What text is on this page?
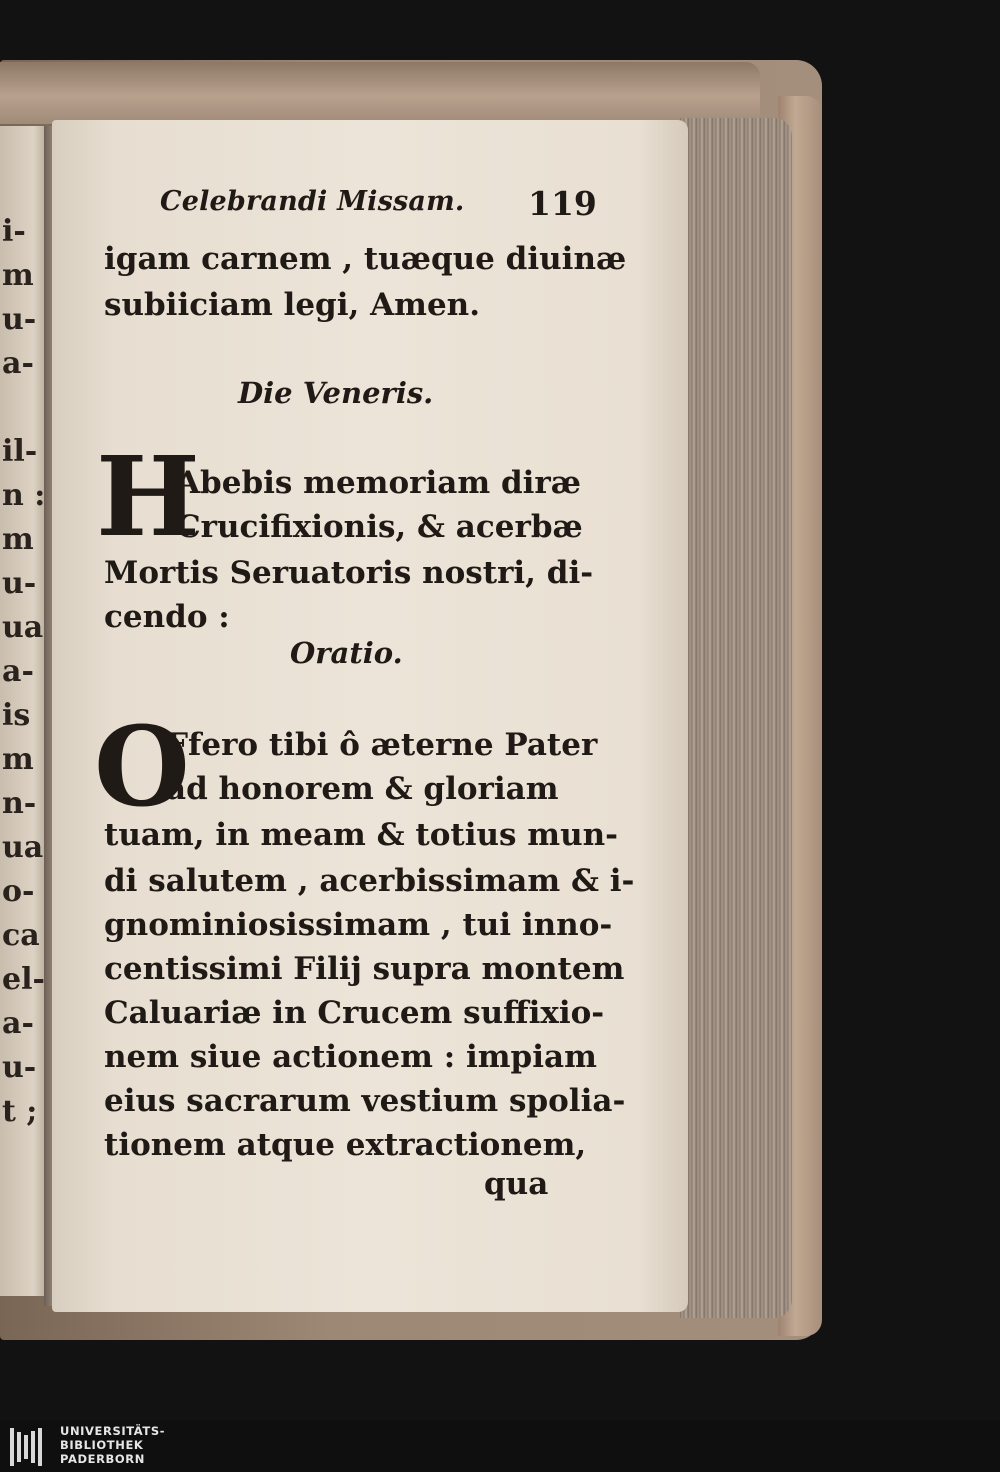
i-
m
u-
a-
il-
n :
m
u-
ua
a-
is
m
n-
ua
o-
ca
el-
a-
u-
t ;
Celebrandi Missam. 119
igam carnem , tuæque diuinæ
subiiciam legi, Amen.
Die Veneris.
H
Abebis memoriam diræ
Crucifixionis, & acerbæ
Mortis Seruatoris nostri, di-
cendo :
Oratio.
O
Ffero tibi ô æterne Pater
ad honorem & gloriam
tuam, in meam & totius mun-
di salutem , acerbissimam & i-
gnominiosissimam , tui inno-
centissimi Filij supra montem
Caluariæ in Crucem suffixio-
nem siue actionem : impiam
eius sacrarum vestium spolia-
tionem atque extractionem,
qua
UNIVERSITÄTS-
BIBLIOTHEK
PADERBORN
